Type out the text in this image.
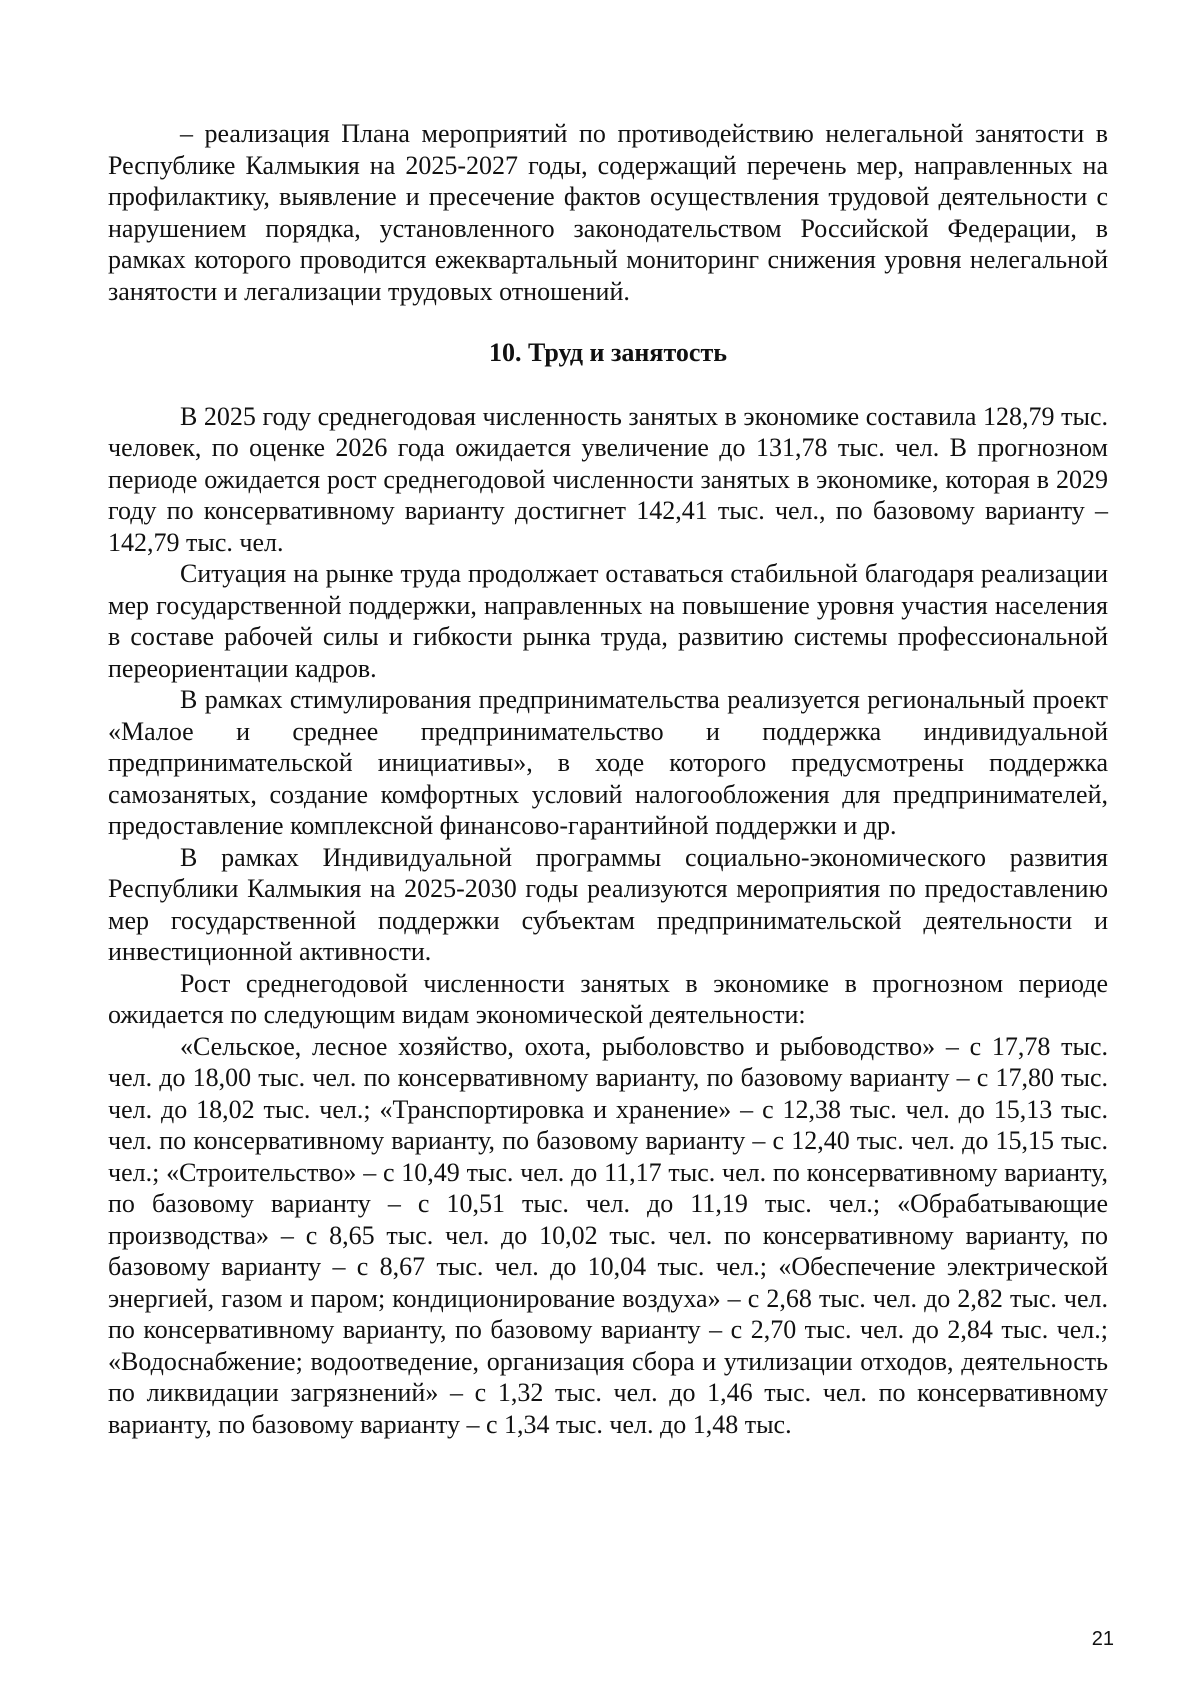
– реализация Плана мероприятий по противодействию нелегальной занятости в Республике Калмыкия на 2025-2027 годы, содержащий перечень мер, направленных на профилактику, выявление и пресечение фактов осуществления трудовой деятельности с нарушением порядка, установленного законодательством Российской Федерации, в рамках которого проводится ежеквартальный мониторинг снижения уровня нелегальной занятости и легализации трудовых отношений.

10. Труд и занятость

В 2025 году среднегодовая численность занятых в экономике составила 128,79 тыс. человек, по оценке 2026 года ожидается увеличение до 131,78 тыс. чел. В прогнозном периоде ожидается рост среднегодовой численности занятых в экономике, которая в 2029 году по консервативному варианту достигнет 142,41 тыс. чел., по базовому варианту – 142,79 тыс. чел.

Ситуация на рынке труда продолжает оставаться стабильной благодаря реализации мер государственной поддержки, направленных на повышение уровня участия населения в составе рабочей силы и гибкости рынка труда, развитию системы профессиональной переориентации кадров.

В рамках стимулирования предпринимательства реализуется региональный проект «Малое и среднее предпринимательство и поддержка индивидуальной предпринимательской инициативы», в ходе которого предусмотрены поддержка самозанятых, создание комфортных условий налогообложения для предпринимателей, предоставление комплексной финансово-гарантийной поддержки и др.

В рамках Индивидуальной программы социально-экономического развития Республики Калмыкия на 2025-2030 годы реализуются мероприятия по предоставлению мер государственной поддержки субъектам предпринимательской деятельности и инвестиционной активности.

Рост среднегодовой численности занятых в экономике в прогнозном периоде ожидается по следующим видам экономической деятельности:

«Сельское, лесное хозяйство, охота, рыболовство и рыбоводство» – с 17,78 тыс. чел. до 18,00 тыс. чел. по консервативному варианту, по базовому варианту – с 17,80 тыс. чел. до 18,02 тыс. чел.; «Транспортировка и хранение» – с 12,38 тыс. чел. до 15,13 тыс. чел. по консервативному варианту, по базовому варианту – с 12,40 тыс. чел. до 15,15 тыс. чел.; «Строительство» – с 10,49 тыс. чел. до 11,17 тыс. чел. по консервативному варианту, по базовому варианту – с 10,51 тыс. чел. до 11,19 тыс. чел.; «Обрабатывающие производства» – с 8,65 тыс. чел. до 10,02 тыс. чел. по консервативному варианту, по базовому варианту – с 8,67 тыс. чел. до 10,04 тыс. чел.; «Обеспечение электрической энергией, газом и паром; кондиционирование воздуха» – с 2,68 тыс. чел. до 2,82 тыс. чел. по консервативному варианту, по базовому варианту – с 2,70 тыс. чел. до 2,84 тыс. чел.; «Водоснабжение; водоотведение, организация сбора и утилизации отходов, деятельность по ликвидации загрязнений» – с 1,32 тыс. чел. до 1,46 тыс. чел. по консервативному варианту, по базовому варианту – с 1,34 тыс. чел. до 1,48 тыс.

21
